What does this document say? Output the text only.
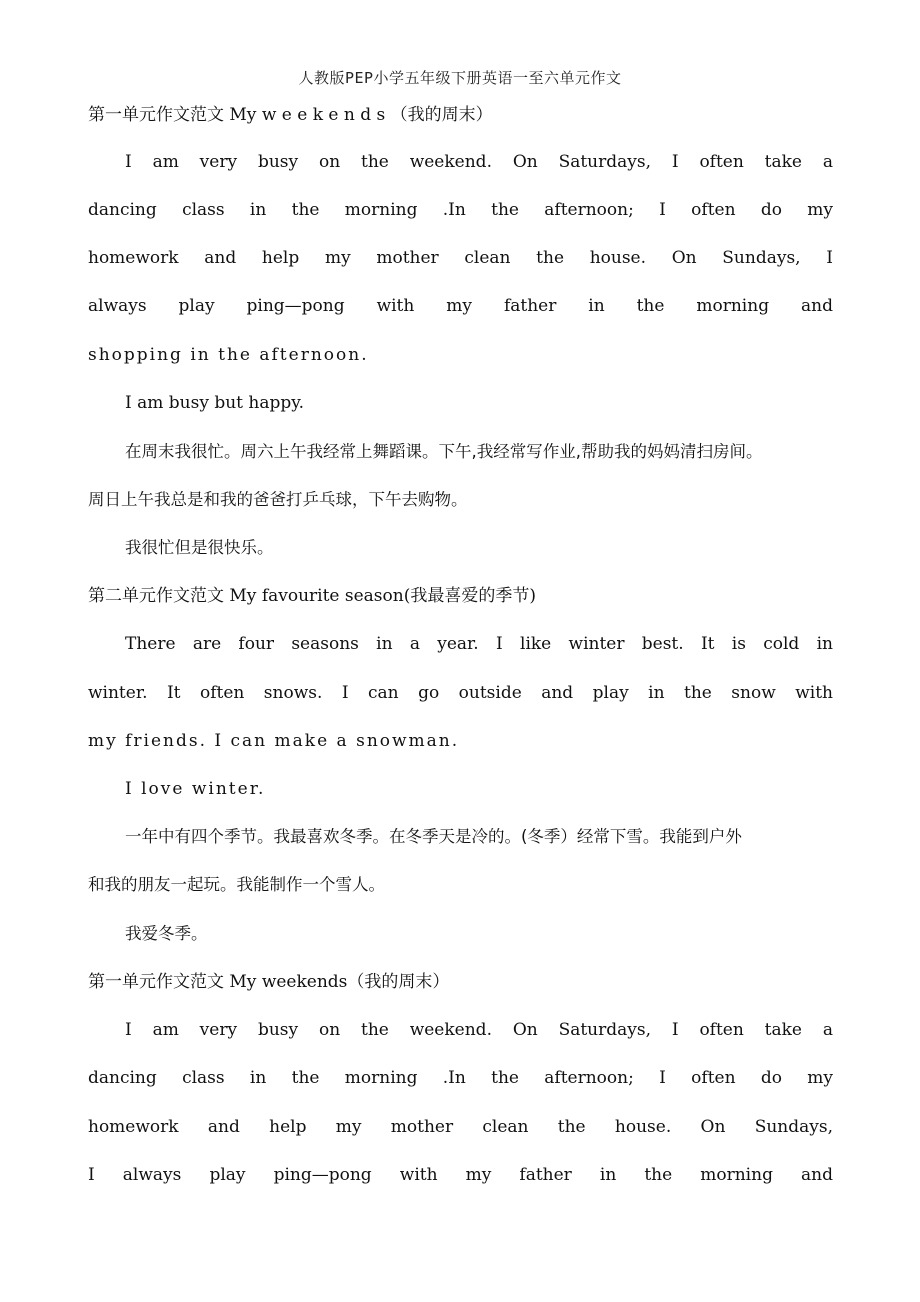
人教版PEP小学五年级下册英语一至六单元作文
第一单元作文范文 My w e e k e n d s （我的周末）
I am very busy on the weekend. On Saturdays, I often take a
dancing class in the morning .In the afternoon; I often do my
homework and help my mother clean the house. On Sundays, I
always play ping—pong with my father in the morning and
shopping in the afternoon.
I am busy but happy.
在周末我很忙。周六上午我经常上舞蹈课。下午,我经常写作业,帮助我的妈妈清扫房间。
周日上午我总是和我的爸爸打乒乓球，下午去购物。
我很忙但是很快乐。
第二单元作文范文 My favourite season(我最喜爱的季节)
There are four seasons in a year. I like winter best. It is cold in
winter. It often snows. I can go outside and play in the snow with
my friends. I can make a snowman.
I love winter.
一年中有四个季节。我最喜欢冬季。在冬季天是冷的。(冬季）经常下雪。我能到户外
和我的朋友一起玩。我能制作一个雪人。
我爱冬季。
第一单元作文范文 My weekends（我的周末）
I am very busy on the weekend. On Saturdays, I often take a
dancing class in the morning .In the afternoon; I often do my
homework and help my mother clean the house. On Sundays,
I always play ping—pong with my father in the morning and
